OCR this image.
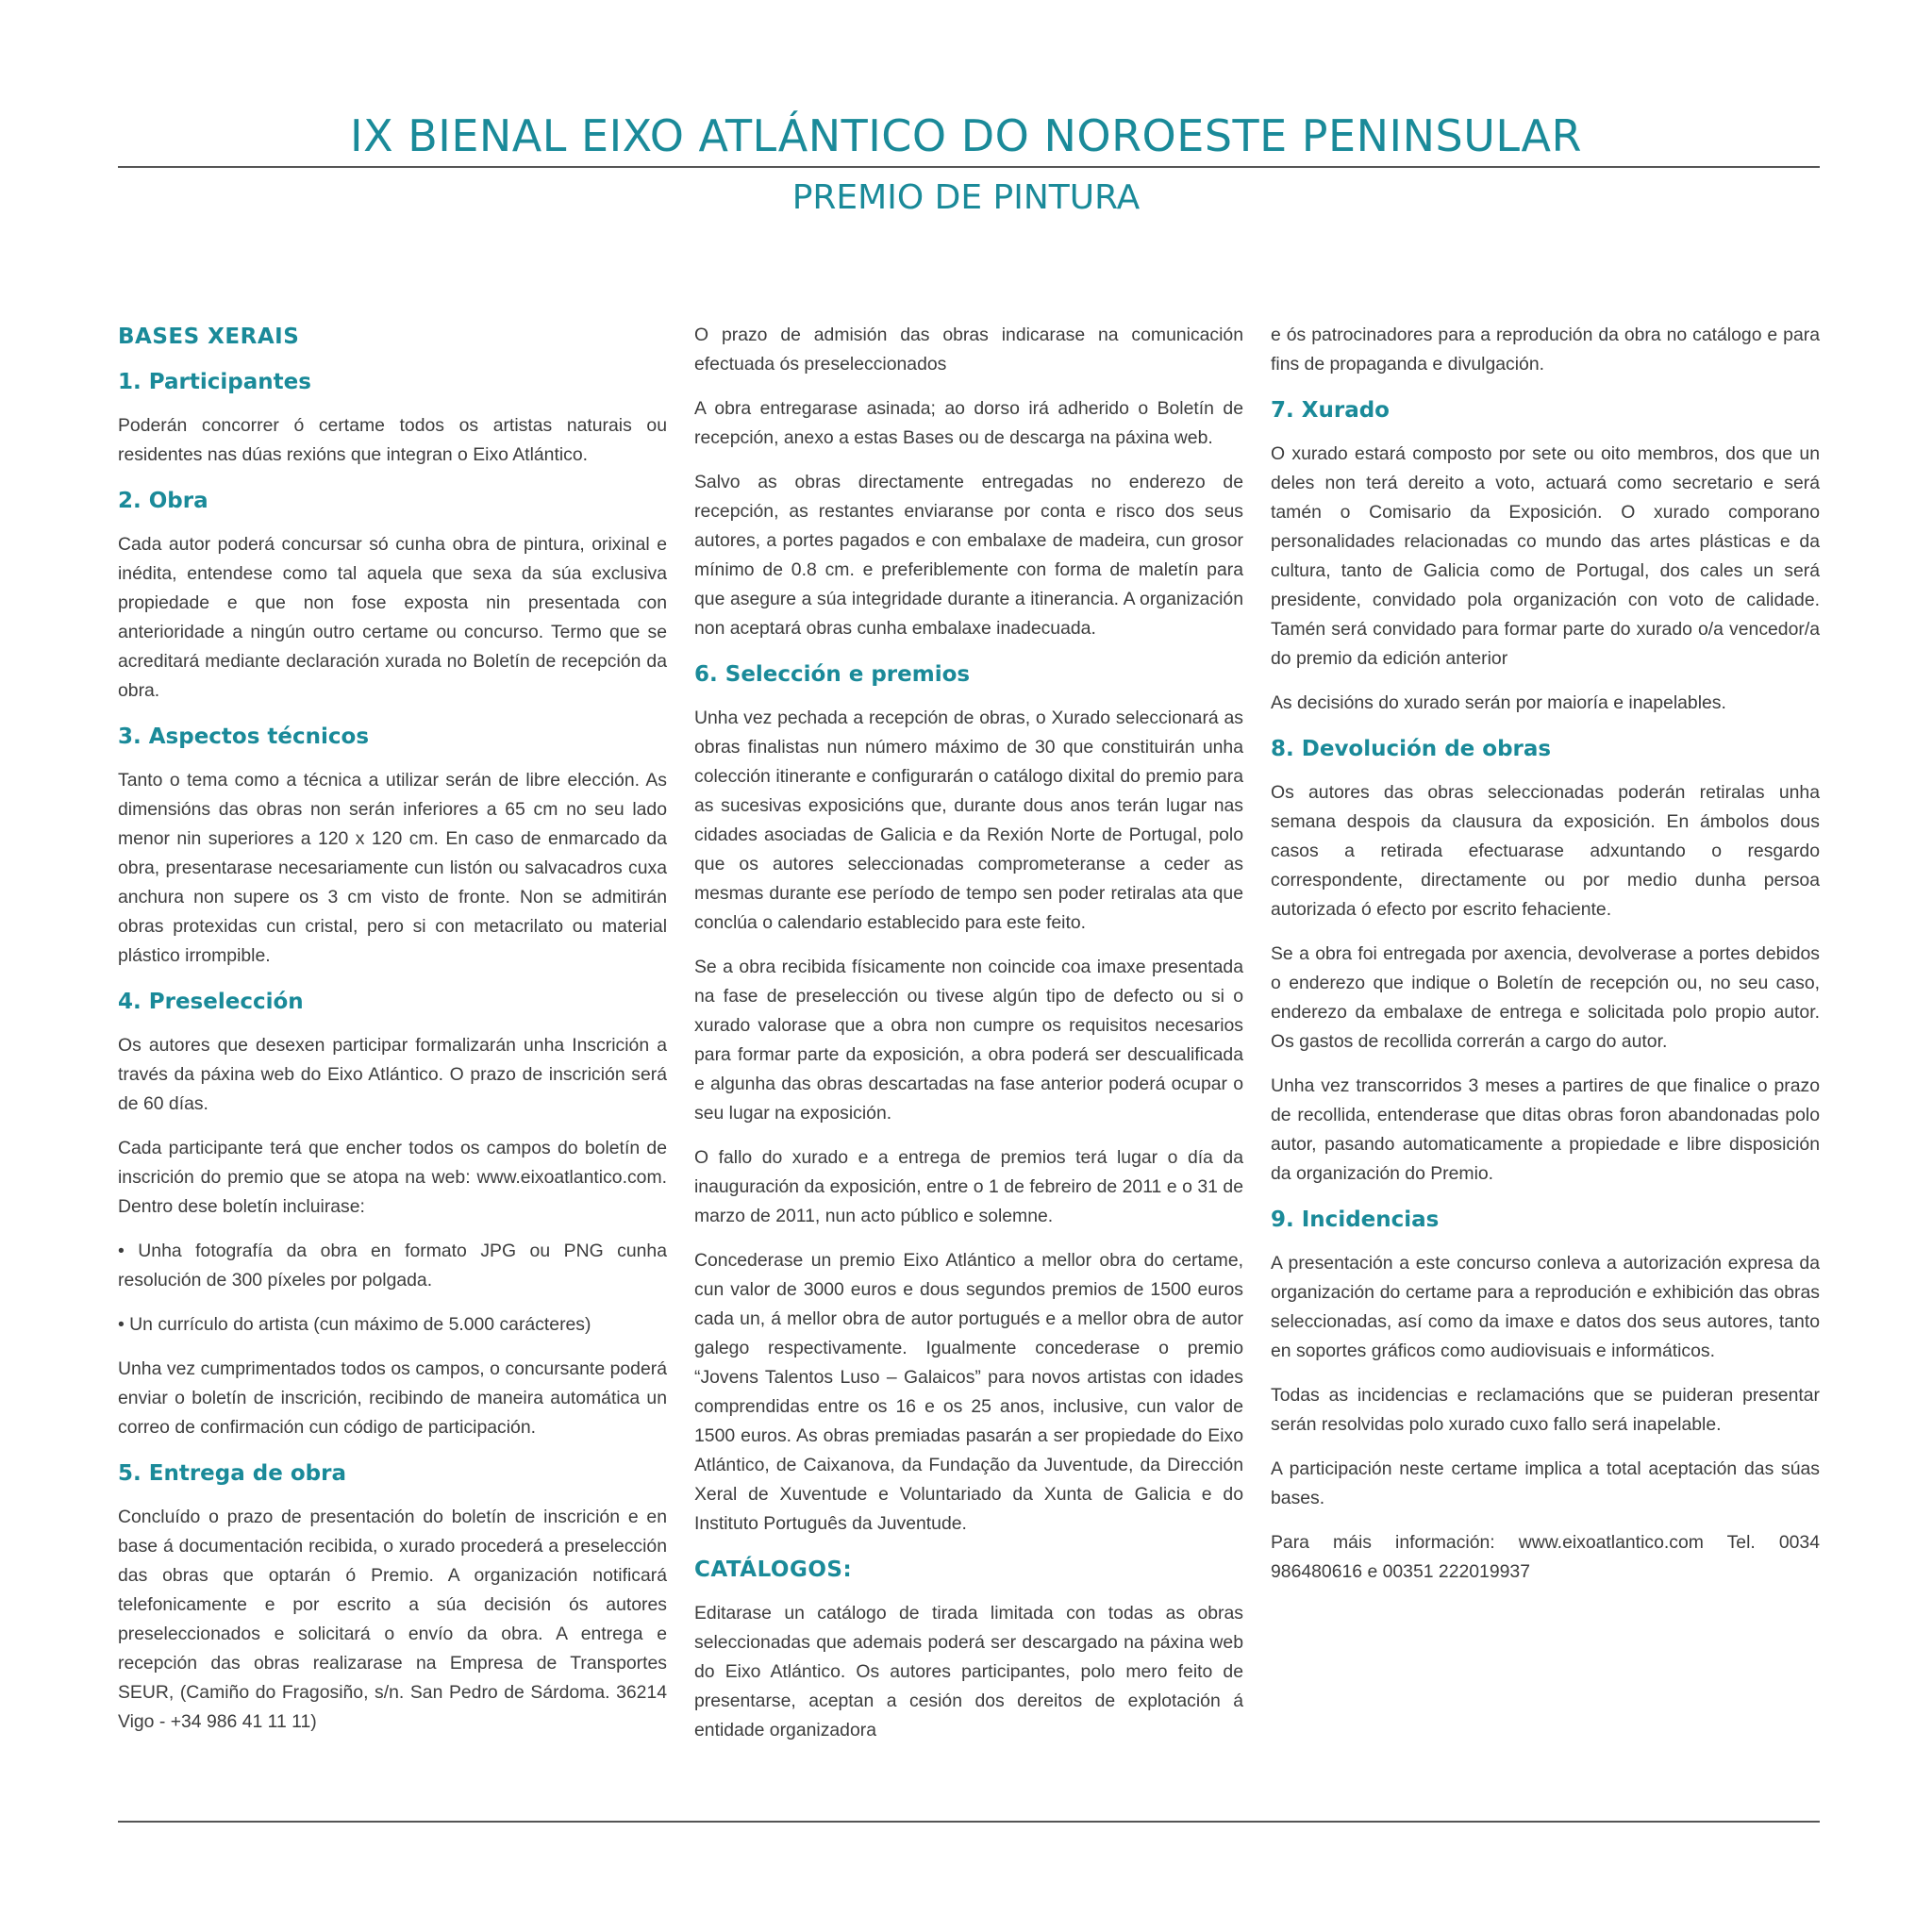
IX BIENAL EIXO ATLÁNTICO DO NOROESTE PENINSULAR
PREMIO DE PINTURA
BASES XERAIS
1. Participantes

Poderán concorrer ó certame todos os artistas naturais ou residentes nas dúas rexións que integran o Eixo Atlántico.

2. Obra

Cada autor poderá concursar só cunha obra de pintura, orixinal e inédita, entendese como tal aquela que sexa da súa exclusiva propiedade e que non fose exposta nin presentada con anterioridade a ningún outro certame ou concurso. Termo que se acreditará mediante declaración xurada no Boletín de recepción da obra.

3. Aspectos técnicos

Tanto o tema como a técnica a utilizar serán de libre elección. As dimensións das obras non serán inferiores a 65 cm no seu lado menor nin superiores a 120 x 120 cm. En caso de enmarcado da obra, presentarase necesariamente cun listón ou salvacadros cuxa anchura non supere os 3 cm visto de fronte. Non se admitirán obras protexidas cun cristal, pero si con metacrilato ou material plástico irrompible.

4. Preselección

Os autores que desexen participar formalizarán unha Inscrición a través da páxina web do Eixo Atlántico. O prazo de inscrición será de 60 días.

Cada participante terá que encher todos os campos do boletín de inscrición do premio que se atopa na web: www.eixoatlantico.com. Dentro dese boletín incluirase:

• Unha fotografía da obra en formato JPG ou PNG cunha resolución de 300 píxeles por polgada.

• Un currículo do artista (cun máximo de 5.000 carácteres)

Unha vez cumprimentados todos os campos, o concursante poderá enviar o boletín de inscrición, recibindo de maneira automática un correo de confirmación cun código de participación.

5. Entrega de obra

Concluído o prazo de presentación do boletín de inscrición e en base á documentación recibida, o xurado procederá a preselección das obras que optarán ó Premio. A organización notificará telefonicamente e por escrito a súa decisión ós autores preseleccionados e solicitará o envío da obra. A entrega e recepción das obras realizarase na Empresa de Transportes SEUR, (Camiño do Fragosiño, s/n. San Pedro de Sárdoma. 36214 Vigo - +34 986 41 11 11)

O prazo de admisión das obras indicarase na comunicación efectuada ós preseleccionados

A obra entregarase asinada; ao dorso irá adherido o Boletín de recepción, anexo a estas Bases ou de descarga na páxina web.

Salvo as obras directamente entregadas no enderezo de recepción, as restantes enviaranse por conta e risco dos seus autores, a portes pagados e con embalaxe de madeira, cun grosor mínimo de 0.8 cm. e preferiblemente con forma de maletín para que asegure a súa integridade durante a itinerancia. A organización non aceptará obras cunha embalaxe inadecuada.

6. Selección e premios

Unha vez pechada a recepción de obras, o Xurado seleccionará as obras finalistas nun número máximo de 30 que constituirán unha colección itinerante e configurarán o catálogo dixital do premio para as sucesivas exposicións que, durante dous anos terán lugar nas cidades asociadas de Galicia e da Rexión Norte de Portugal, polo que os autores seleccionadas comprometeranse a ceder as mesmas durante ese período de tempo sen poder retiralas ata que conclúa o calendario establecido para este feito.

Se a obra recibida físicamente non coincide coa imaxe presentada na fase de preselección ou tivese algún tipo de defecto ou si o xurado valorase que a obra non cumpre os requisitos necesarios para formar parte da exposición, a obra poderá ser descualificada e algunha das obras descartadas na fase anterior poderá ocupar o seu lugar na exposición.

O fallo do xurado e a entrega de premios terá lugar o día da inauguración da exposición, entre o 1 de febreiro de 2011 e o 31 de marzo de 2011, nun acto público e solemne.

Concederase un premio Eixo Atlántico a mellor obra do certame, cun valor de 3000 euros e dous segundos premios de 1500 euros cada un, á mellor obra de autor portugués e a mellor obra de autor galego respectivamente. Igualmente concederase o premio “Jovens Talentos Luso – Galaicos” para novos artistas con idades comprendidas entre os 16 e os 25 anos, inclusive, cun valor de 1500 euros. As obras premiadas pasarán a ser propiedade do Eixo Atlántico, de Caixanova, da Fundação da Juventude, da Dirección Xeral de Xuventude e Voluntariado da Xunta de Galicia e do Instituto Português da Juventude.

CATÁLOGOS:

Editarase un catálogo de tirada limitada con todas as obras seleccionadas que ademais poderá ser descargado na páxina web do Eixo Atlántico. Os autores participantes, polo mero feito de presentarse, aceptan a cesión dos dereitos de explotación á entidade organizadora

e ós patrocinadores para a reprodución da obra no catálogo e para fins de propaganda e divulgación.

7. Xurado

O xurado estará composto por sete ou oito membros, dos que un deles non terá dereito a voto, actuará como secretario e será tamén o Comisario da Exposición. O xurado comporano personalidades relacionadas co mundo das artes plásticas e da cultura, tanto de Galicia como de Portugal, dos cales un será presidente, convidado pola organización con voto de calidade. Tamén será convidado para formar parte do xurado o/a vencedor/a do premio da edición anterior

As decisións do xurado serán por maioría e inapelables.

8. Devolución de obras

Os autores das obras seleccionadas poderán retiralas unha semana despois da clausura da exposición. En ámbolos dous casos a retirada efectuarase adxuntando o resgardo correspondente, directamente ou por medio dunha persoa autorizada ó efecto por escrito fehaciente.

Se a obra foi entregada por axencia, devolverase a portes debidos o enderezo que indique o Boletín de recepción ou, no seu caso, enderezo da embalaxe de entrega e solicitada polo propio autor. Os gastos de recollida correrán a cargo do autor.

Unha vez transcorridos 3 meses a partires de que finalice o prazo de recollida, entenderase que ditas obras foron abandonadas polo autor, pasando automaticamente a propiedade e libre disposición da organización do Premio.

9. Incidencias

A presentación a este concurso conleva a autorización expresa da organización do certame para a reprodución e exhibición das obras seleccionadas, así como da imaxe e datos dos seus autores, tanto en soportes gráficos como audiovisuais e informáticos.

Todas as incidencias e reclamacións que se puideran presentar serán resolvidas polo xurado cuxo fallo será inapelable.

A participación neste certame implica a total aceptación das súas bases.

Para máis información: www.eixoatlantico.com Tel. 0034 986480616 e 00351 222019937
